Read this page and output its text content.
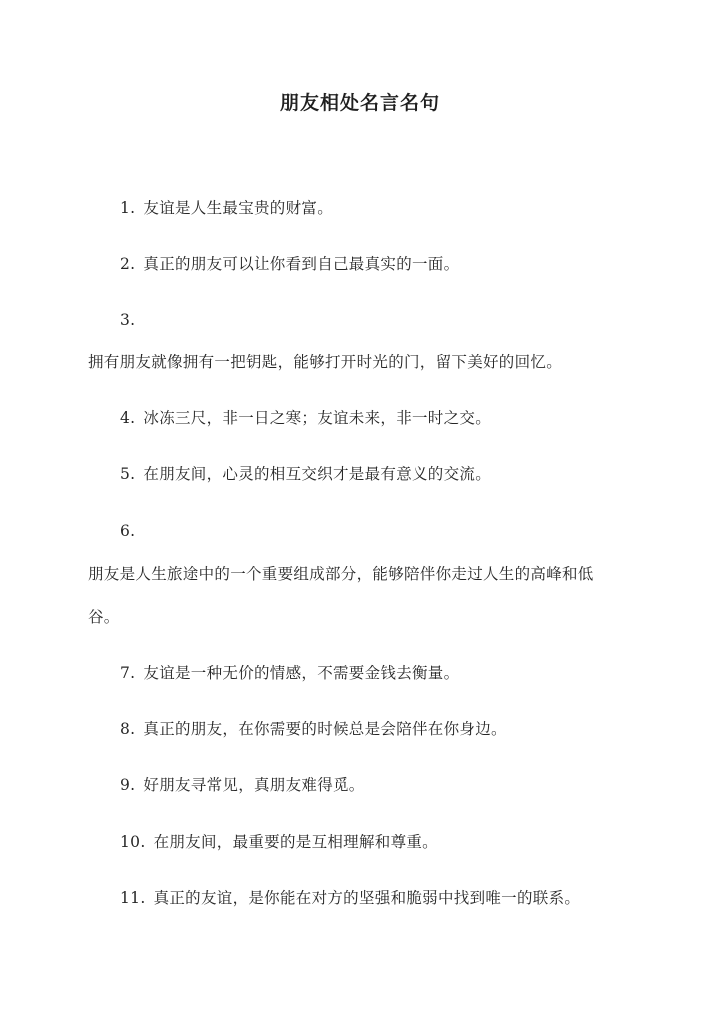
朋友相处名言名句
1. 友谊是人生最宝贵的财富。
2. 真正的朋友可以让你看到自己最真实的一面。
3.
拥有朋友就像拥有一把钥匙，能够打开时光的门，留下美好的回忆。
4. 冰冻三尺，非一日之寒；友谊未来，非一时之交。
5. 在朋友间，心灵的相互交织才是最有意义的交流。
6.
朋友是人生旅途中的一个重要组成部分，能够陪伴你走过人生的高峰和低
谷。
7. 友谊是一种无价的情感，不需要金钱去衡量。
8. 真正的朋友，在你需要的时候总是会陪伴在你身边。
9. 好朋友寻常见，真朋友难得觅。
10. 在朋友间，最重要的是互相理解和尊重。
11. 真正的友谊，是你能在对方的坚强和脆弱中找到唯一的联系。
